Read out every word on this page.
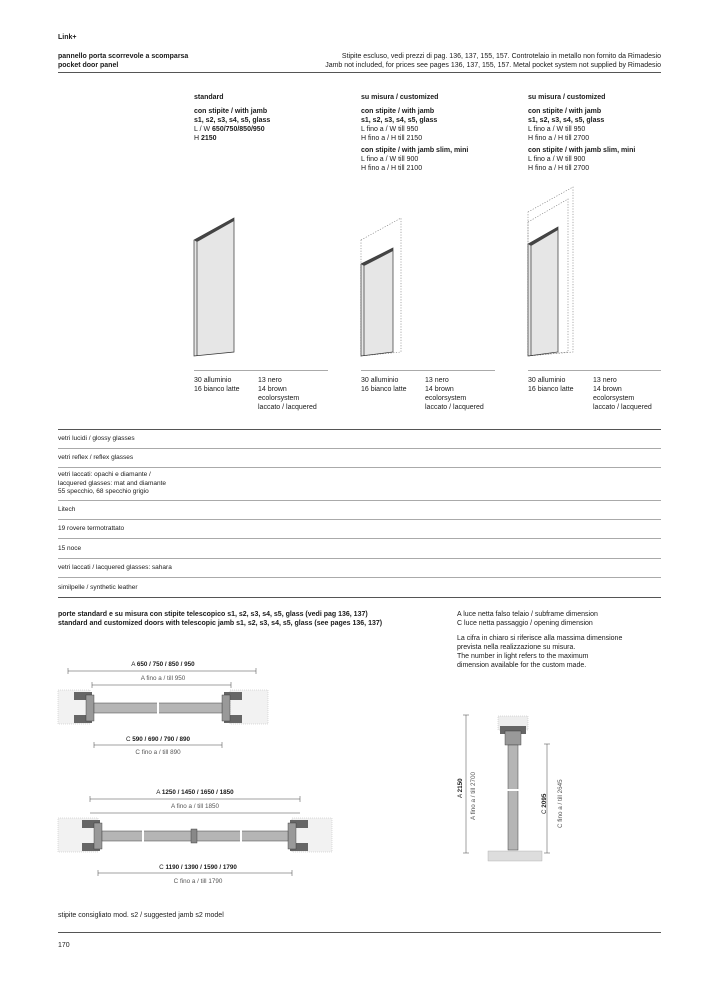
Link+
pannello porta scorrevole a scomparsa
pocket door panel
Stipite escluso, vedi prezzi di pag. 136, 137, 155, 157. Controtelaio in metallo non fornito da Rimadesio
Jamb not included, for prices see pages 136, 137, 155, 157. Metal pocket system not supplied by Rimadesio
standard
con stipite / with jamb
s1, s2, s3, s4, s5, glass
L / W 650/750/850/950
H 2150
su misura / customized
con stipite / with jamb
s1, s2, s3, s4, s5, glass
L fino a / W till 950
H fino a / H till 2150
con stipite / with jamb slim, mini
L fino a / W till 900
H fino a / H till 2100
su misura / customized
con stipite / with jamb
s1, s2, s3, s4, s5, glass
L fino a / W till 950
H fino a / H till 2700
con stipite / with jamb slim, mini
L fino a / W till 900
H fino a / H till 2700
30 alluminio
16 bianco latte
13 nero
14 brown
ecolorsystem
laccato / lacquered
30 alluminio
16 bianco latte
13 nero
14 brown
ecolorsystem
laccato / lacquered
30 alluminio
16 bianco latte
13 nero
14 brown
ecolorsystem
laccato / lacquered
vetri lucidi / glossy glasses
vetri reflex / reflex glasses
vetri laccati: opachi e diamante /
lacquered glasses: mat and diamante
55 specchio, 68 specchio grigio
Litech
19 rovere termotrattato
15 noce
vetri laccati / lacquered glasses: sahara
similpelle / synthetic leather
porte standard e su misura con stipite telescopico s1, s2, s3, s4, s5, glass (vedi pag 136, 137)
standard and customized doors with telescopic jamb s1, s2, s3, s4, s5, glass (see pages 136, 137)
A luce netta falso telaio / subframe dimension
C luce netta passaggio / opening dimension
La cifra in chiaro si riferisce alla massima dimensione
prevista nella realizzazione su misura.
The number in light refers to the maximum
dimension available for the custom made.
A 650 / 750 / 850 / 950
A fino a / till 950
C 590 / 690 / 790 / 890
C fino a / till 890
A 1250 / 1450 / 1650 / 1850
A fino a / till 1850
C 1190 / 1390 / 1590 / 1790
C fino a / till 1790
A 2150 A fino a / till 2700	C 2095 C fino a / till 2645
stipite consigliato mod. s2 / suggested jamb s2 model
170
